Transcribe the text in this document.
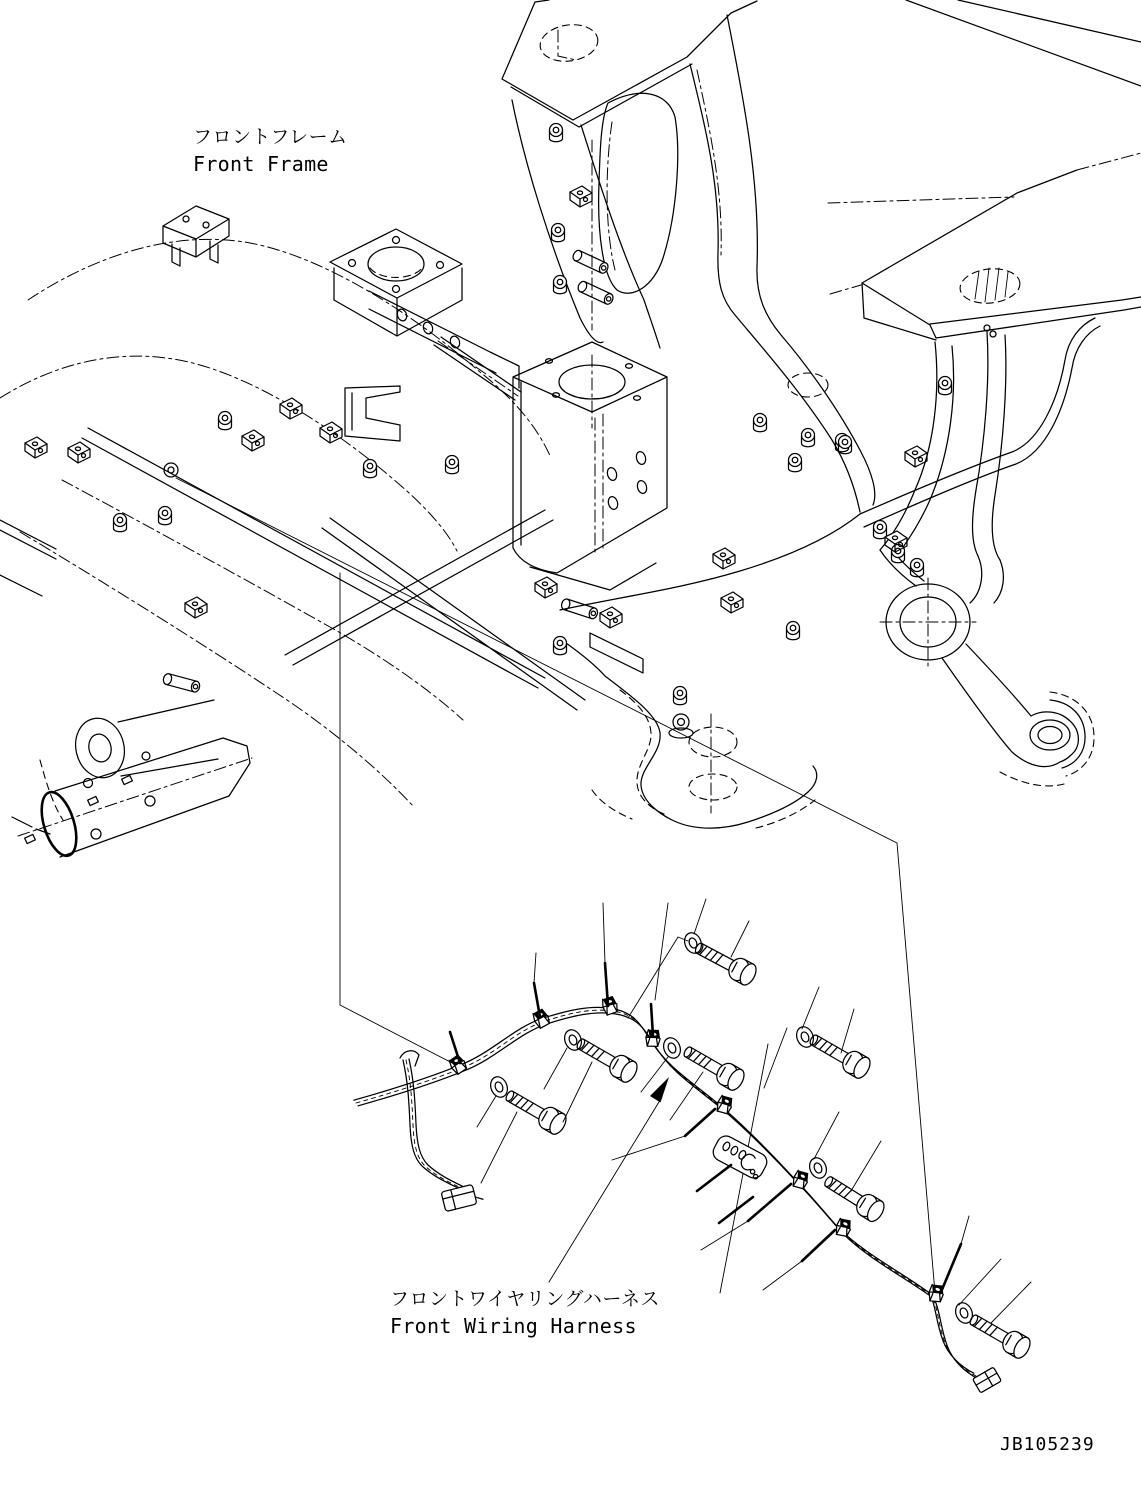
フロントフレーム
Front Frame
フロントワイヤリングハーネス
Front Wiring Harness
JB105239
